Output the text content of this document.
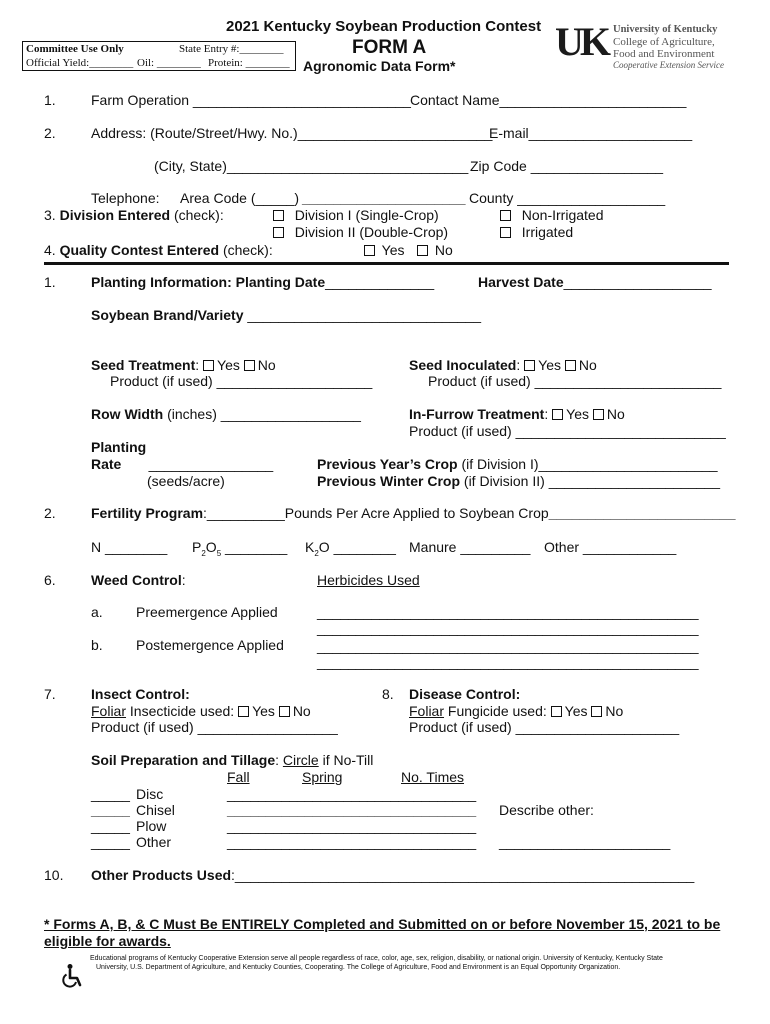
2021 Kentucky Soybean Production Contest
FORM A
Agronomic Data Form*
Committee Use Only	State Entry #:________
Official Yield:________ Oil: ________ Protein: ________	UK University of Kentucky
College of Agriculture,
Food and Environment
Cooperative Extension Service
1.	Farm Operation ____________________________ Contact Name________________________
2.	Address: (Route/Street/Hwy. No.)_________________________
E-mail_____________________
(City, State)_______________________________ Zip Code _________________
Telephone: Area Code (_____) _____________________ County ___________________
3. Division Entered (check):	Division I (Single-Crop)
Division II (Double-Crop)
Non-Irrigated
Irrigated
4. Quality Contest Entered (check):	Yes	No
1.	Planting Information: Planting Date______________	Harvest Date___________________
Soybean Brand/Variety ______________________________
Seed Treatment: Yes No
Product (if used) ____________________
Seed Inoculated: Yes No
Product (if used) ________________________
Row Width (inches) __________________	In-Furrow Treatment: Yes No
Product (if used) ___________________________
Planting
Rate ________________
(seeds/acre)
Previous Year’s Crop (if Division I)_______________________
Previous Winter Crop (if Division II) ______________________
2.	Fertility Program:__________Pounds Per Acre Applied to Soybean Crop________________________
N ________ $P_2O_5$ ________ $K_2O$ ________ Manure _________ Other ____________
6.	Weed Control:	Herbicides Used
a. Preemergence Applied
b. Postemergence Applied
_________________________________________________
_________________________________________________
_________________________________________________
_________________________________________________
7.	Insect Control:
Foliar Insecticide used: Yes No
Product (if used) __________________
8. Disease Control:
Foliar Fungicide used: Yes No
Product (if used) _____________________
Soil Preparation and Tillage: Circle if No-Till
Fall	Spring	No. Times
_____ Disc	________________________________
_____ Chisel	________________________________
_____ Plow	________________________________
_____ Other	________________________________
Describe other:
______________________
10. Other Products Used:___________________________________________________________
* Forms A, B, & C Must Be ENTIRELY Completed and Submitted on or before November 15, 2021 to be
eligible for awards.
Educational programs of Kentucky Cooperative Extension serve all people regardless of race, color, age, sex, religion, disability, or national origin. University of Kentucky, Kentucky State
University, U.S. Department of Agriculture, and Kentucky Counties, Cooperating. The College of Agriculture, Food and Environment is an Equal Opportunity Organization.
